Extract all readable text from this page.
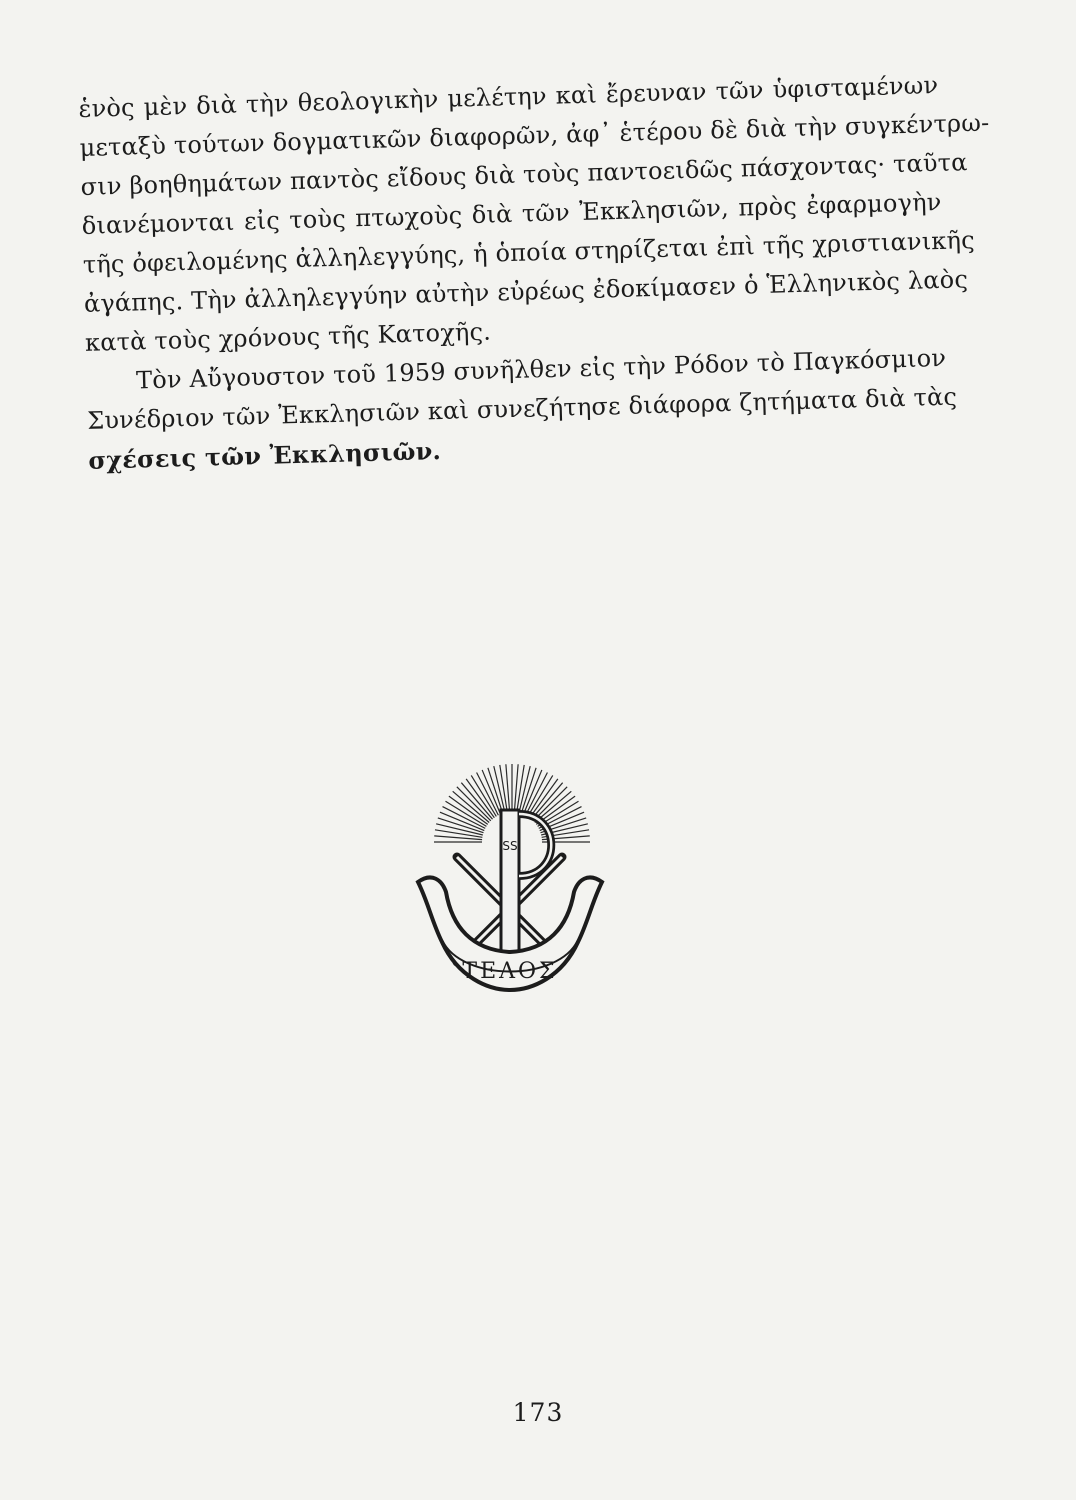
ἑνὸς μὲν διὰ τὴν θεολογικὴν μελέτην καὶ ἔρευναν τῶν ὑφισταμένων
μεταξὺ τούτων δογματικῶν διαφορῶν, ἀφ᾽ ἑτέρου δὲ διὰ τὴν συγκέντρω-
σιν βοηθημάτων παντὸς εἴδους διὰ τοὺς παντοειδῶς πάσχοντας· ταῦτα
διανέμονται εἰς τοὺς πτωχοὺς διὰ τῶν Ἐκκλησιῶν, πρὸς ἐφαρμογὴν
τῆς ὀφειλομένης ἀλληλεγγύης, ἡ ὁποία στηρίζεται ἐπὶ τῆς χριστιανικῆς
ἀγάπης. Τὴν ἀλληλεγγύην αὐτὴν εὐρέως ἐδοκίμασεν ὁ Ἑλληνικὸς λαὸς
κατὰ τοὺς χρόνους τῆς Κατοχῆς.
Τὸν Αὔγουστον τοῦ 1959 συνῆλθεν εἰς τὴν Ρόδον τὸ Παγκόσμιον
Συνέδριον τῶν Ἐκκλησιῶν καὶ συνεζήτησε διάφορα ζητήματα διὰ τὰς
σχέσεις τῶν Ἐκκλησιῶν.
SS
ΤΕΛΟΣ
173
